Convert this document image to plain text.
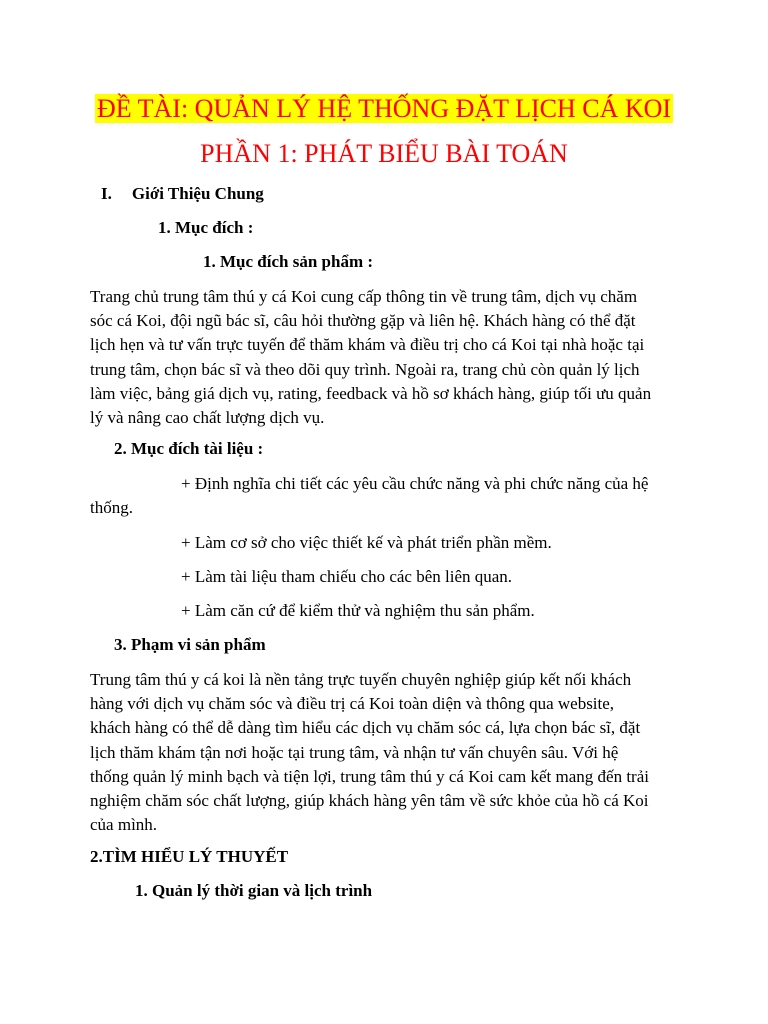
ĐỀ TÀI: QUẢN LÝ HỆ THỐNG ĐẶT LỊCH CÁ KOI
PHẦN 1: PHÁT BIỂU BÀI TOÁN
I. Giới Thiệu Chung
1. Mục đích :
1. Mục đích sản phẩm :
Trang chủ trung tâm thú y cá Koi cung cấp thông tin về trung tâm, dịch vụ chăm
sóc cá Koi, đội ngũ bác sĩ, câu hỏi thường gặp và liên hệ. Khách hàng có thể đặt
lịch hẹn và tư vấn trực tuyến để thăm khám và điều trị cho cá Koi tại nhà hoặc tại
trung tâm, chọn bác sĩ và theo dõi quy trình. Ngoài ra, trang chủ còn quản lý lịch
làm việc, bảng giá dịch vụ, rating, feedback và hồ sơ khách hàng, giúp tối ưu quản
lý và nâng cao chất lượng dịch vụ.
2. Mục đích tài liệu :
+ Định nghĩa chi tiết các yêu cầu chức năng và phi chức năng của hệ
thống.
+ Làm cơ sở cho việc thiết kế và phát triển phần mềm.
+ Làm tài liệu tham chiếu cho các bên liên quan.
+ Làm căn cứ để kiểm thử và nghiệm thu sản phẩm.
3. Phạm vi sản phẩm
Trung tâm thú y cá koi là nền tảng trực tuyến chuyên nghiệp giúp kết nối khách
hàng với dịch vụ chăm sóc và điều trị cá Koi toàn diện và thông qua website,
khách hàng có thể dễ dàng tìm hiểu các dịch vụ chăm sóc cá, lựa chọn bác sĩ, đặt
lịch thăm khám tận nơi hoặc tại trung tâm, và nhận tư vấn chuyên sâu. Với hệ
thống quản lý minh bạch và tiện lợi, trung tâm thú y cá Koi cam kết mang đến trải
nghiệm chăm sóc chất lượng, giúp khách hàng yên tâm về sức khỏe của hồ cá Koi
của mình.
2.TÌM HIỂU LÝ THUYẾT
1. Quản lý thời gian và lịch trình
